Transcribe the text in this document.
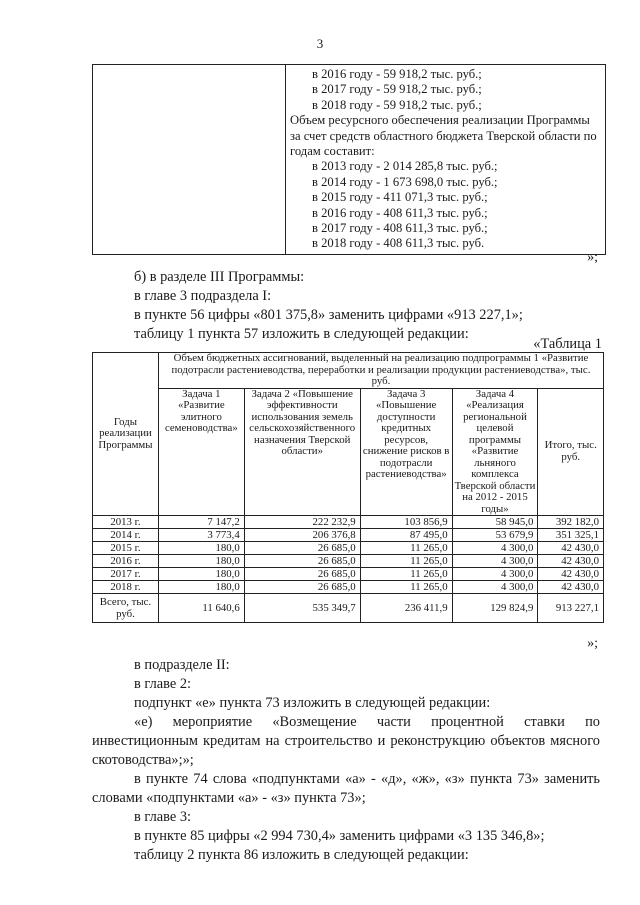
3

в 2016 году - 59 918,2 тыс. руб.;
в 2017 году - 59 918,2 тыс. руб.;
в 2018 году - 59 918,2 тыс. руб.;
Объем ресурсного обеспечения реализации Программы за счет средств областного бюджета Тверской области по годам составит:
в 2013 году - 2 014 285,8 тыс. руб.;
в 2014 году - 1 673 698,0 тыс. руб.;
в 2015 году - 411 071,3 тыс. руб.;
в 2016 году - 408 611,3 тыс. руб.;
в 2017 году - 408 611,3 тыс. руб.;
в 2018 году - 408 611,3 тыс. руб.
»;

б) в разделе III Программы:

в главе 3 подраздела I:

в пункте 56 цифры «801 375,8» заменить цифрами «913 227,1»;

таблицу 1 пункта 57 изложить в следующей редакции:

«Таблица 1
Годы реализации Программы	Объем бюджетных ассигнований, выделенный на реализацию подпрограммы 1 «Развитие подотрасли растениеводства, переработки и реализации продукции растениеводства», тыс. руб.				
	Задача 1 «Развитие элитного семеноводства»	Задача 2 «Повышение эффективности использования земель сельскохозяйственного назначения Тверской области»	Задача 3 «Повышение доступности кредитных ресурсов, снижение рисков в подотрасли растениеводства»	Задача 4 «Реализация региональной целевой программы «Развитие льняного комплекса Тверской области на 2012 - 2015 годы»	Итого, тыс. руб.
2013 г.	7 147,2	222 232,9	103 856,9	58 945,0	392 182,0
2014 г.	3 773,4	206 376,8	87 495,0	53 679,9	351 325,1
2015 г.	180,0	26 685,0	11 265,0	4 300,0	42 430,0
2016 г.	180,0	26 685,0	11 265,0	4 300,0	42 430,0
2017 г.	180,0	26 685,0	11 265,0	4 300,0	42 430,0
2018 г.	180,0	26 685,0	11 265,0	4 300,0	42 430,0
Всего, тыс. руб.	11 640,6	535 349,7	236 411,9	129 824,9	913 227,1
»;

в подразделе II:

в главе 2:

подпункт «е» пункта 73 изложить в следующей редакции:

«е) мероприятие «Возмещение части процентной ставки по инвестиционным кредитам на строительство и реконструкцию объектов мясного скотоводства»;»;

в пункте 74 слова «подпунктами «а» - «д», «ж», «з» пункта 73» заменить словами «подпунктами «а» - «з» пункта 73»;

в главе 3:

в пункте 85 цифры «2 994 730,4» заменить цифрами «3 135 346,8»;

таблицу 2 пункта 86 изложить в следующей редакции:
